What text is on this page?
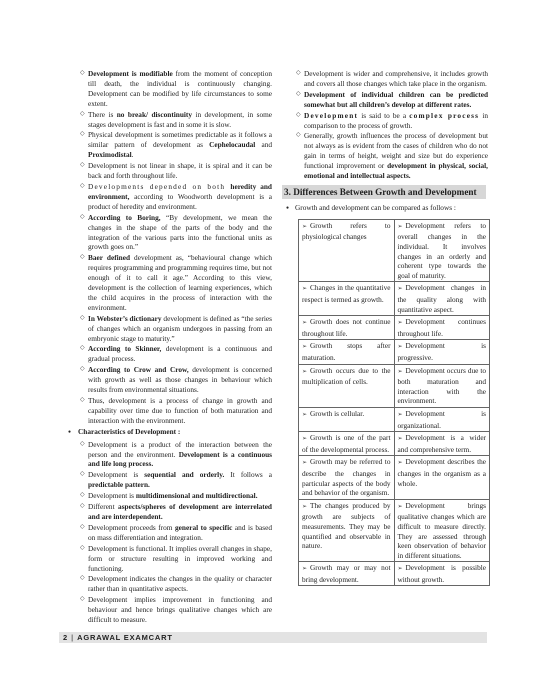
◇ Development is modifiable from the moment of conception till death, the individual is continuously changing. Development can be modified by life circumstances to some extent.
◇ There is no break/ discontinuity in development, in some stages development is fast and in some it is slow.
◇ Physical development is sometimes predictable as it follows a similar pattern of development as Cephelocaudal and Proximodistal.
◇ Development is not linear in shape, it is spiral and it can be back and forth throughout life.
◇ Developments depended on both heredity and environment, according to Woodworth development is a product of heredity and environment.
◇ According to Boring, “By development, we mean the changes in the shape of the parts of the body and the integration of the various parts into the functional units as growth goes on.”
◇ Baer defined development as, “behavioural change which requires programming and programming requires time, but not enough of it to call it age.” According to this view, development is the collection of learning experiences, which the child acquires in the process of interaction with the environment.
◇ In Webster’s dictionary development is defined as “the series of changes which an organism undergoes in passing from an embryonic stage to maturity.”
◇ According to Skinner, development is a continuous and gradual process.
◇ According to Crow and Crow, development is concerned with growth as well as those changes in behaviour which results from environmental situations.
◇ Thus, development is a process of change in growth and capability over time due to function of both maturation and interaction with the environment.
● Characteristics of Development :
◇ Development is a product of the interaction between the person and the environment. Development is a continuous and life long process.
◇ Development is sequential and orderly. It follows a predictable pattern.
◇ Development is multidimensional and multidirectional.
◇ Different aspects/spheres of development are interrelated and are interdependent.
◇ Development proceeds from general to specific and is based on mass differentiation and integration.
◇ Development is functional. It implies overall changes in shape, form or structure resulting in improved working and functioning.
◇ Development indicates the changes in the quality or character rather than in quantitative aspects.
◇ Development implies improvement in functioning and behaviour and hence brings qualitative changes which are difficult to measure.
◇ Development is wider and comprehensive, it includes growth and covers all those changes which take place in the organism.
◇ Development of individual children can be predicted somewhat but all children’s develop at different rates.
◇ Development is said to be a complex process in comparison to the process of growth.
◇ Generally, growth influences the process of development but not always as is evident from the cases of children who do not gain in terms of height, weight and size but do experience functional improvement or development in physical, social, emotional and intellectual aspects.
3. Differences Between Growth and Development
● Growth and development can be compared as follows :
➢ Growth refers to physiological changes	➢ Development refers to overall changes in the individual. It involves changes in an orderly and coherent type towards the goal of maturity.
➢ Changes in the quantitative respect is termed as growth.	➢ Development changes in the quality along with quantitative aspect.
➢ Growth does not continue throughout life.	➢ Development continues throughout life.
➢ Growth stops after maturation.	➢ Development is progressive.
➢ Growth occurs due to the multiplication of cells.	➢ Development occurs due to both maturation and interaction with the environment.
➢ Growth is cellular.	➢ Development is organizational.
➢ Growth is one of the part of the developmental process.	➢ Development is a wider and comprehensive term.
➢ Growth may be referred to describe the changes in particular aspects of the body and behavior of the organism.	➢ Development describes the changes in the organism as a whole.
➢ The changes produced by growth are subjects of measurements. They may be quantified and observable in nature.	➢ Development brings qualitative changes which are difficult to measure directly. They are assessed through keen observation of behavior in different situations.
➢ Growth may or may not bring development.	➢ Development is possible without growth.
2 | AGRAWAL EXAMCART
